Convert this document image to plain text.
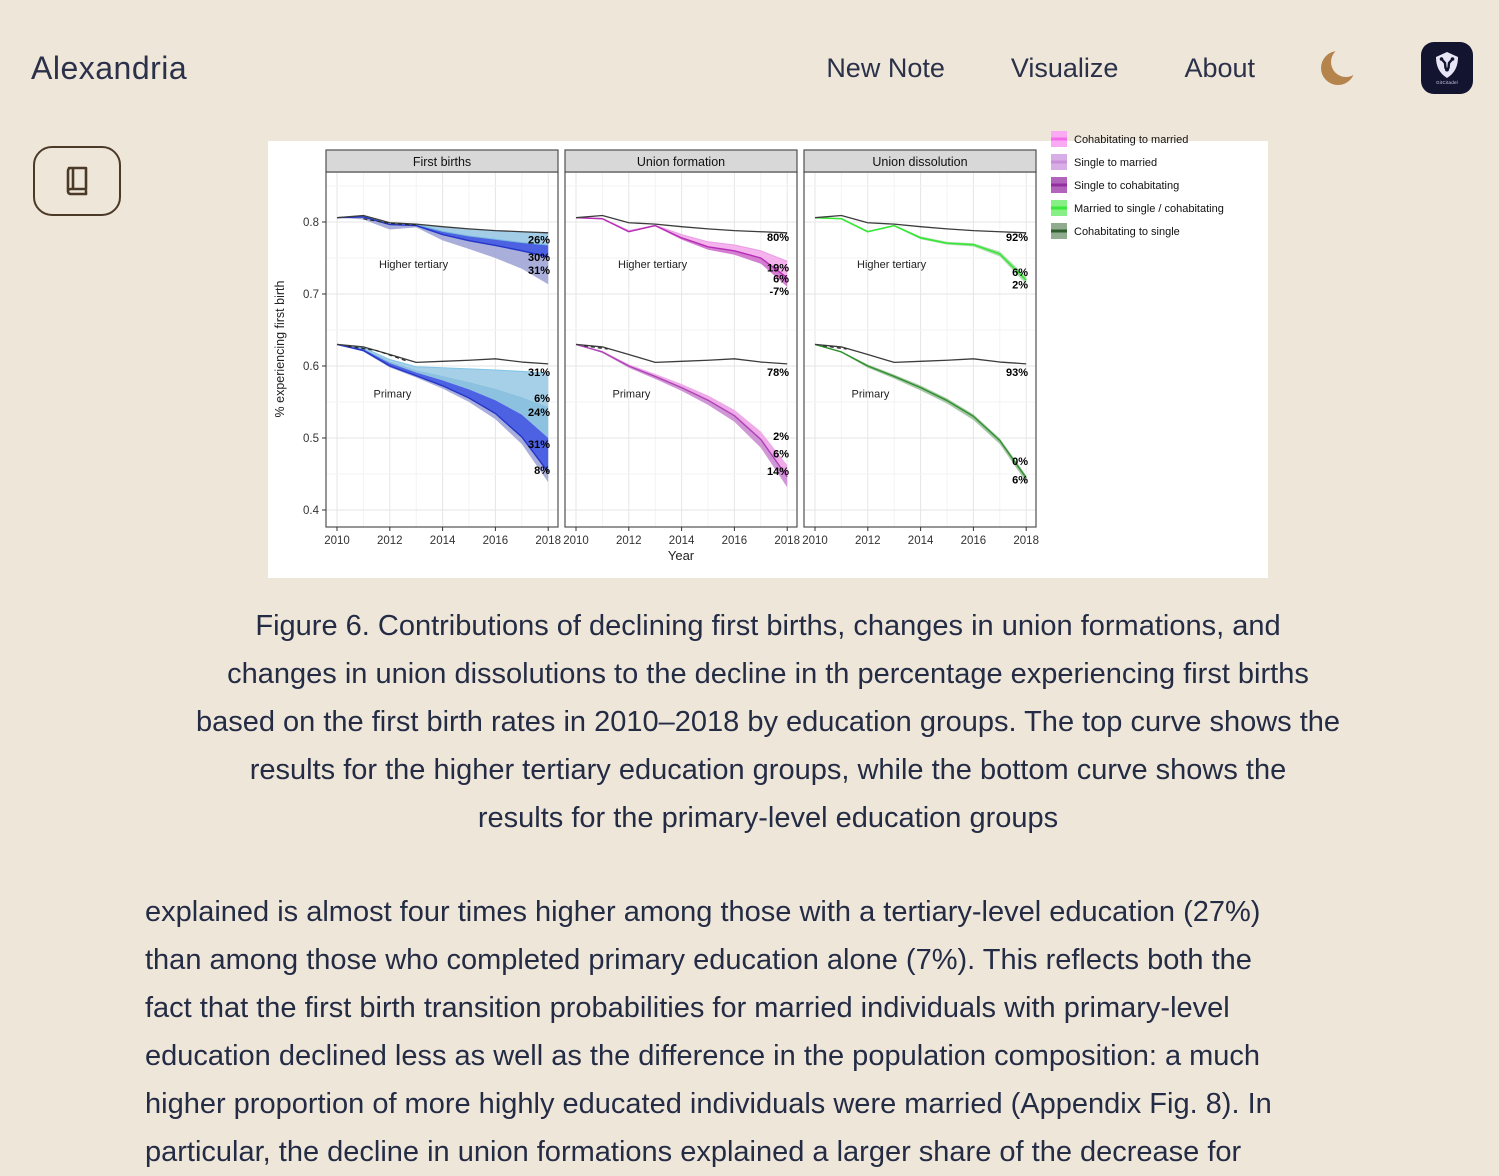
Alexandria	New Note Visualize About	GitCitadel
Higher tertiary
26%
30%
31%
Primary
31%
6%
24%
31%
8%
First births
2010 2012 2014 2016 2018
Higher tertiary
80%
19%
6%
-7%
Primary
78%
2%
6%
14%
Union formation
2010 2012 2014 2016 2018
Higher tertiary
92%
6%
2%
Primary
93%
0%
6%
Union dissolution
2010 2012 2014 2016 2018
0.4
0.5
0.6
0.7
0.8
% experiencing first birth
Year
Cohabitating to married
Single to married
Single to cohabitating
Married to single / cohabitating
Cohabitating to single
Figure 6. Contributions of declining first births, changes in union formations, and
changes in union dissolutions to the decline in th percentage experiencing first births
based on the first birth rates in 2010–2018 by education groups. The top curve shows the
results for the higher tertiary education groups, while the bottom curve shows the
results for the primary-level education groups
explained is almost four times higher among those with a tertiary-level education (27%)
than among those who completed primary education alone (7%). This reflects both the
fact that the first birth transition probabilities for married individuals with primary-level
education declined less as well as the difference in the population composition: a much
higher proportion of more highly educated individuals were married (Appendix Fig. 8). In
particular, the decline in union formations explained a larger share of the decrease for
